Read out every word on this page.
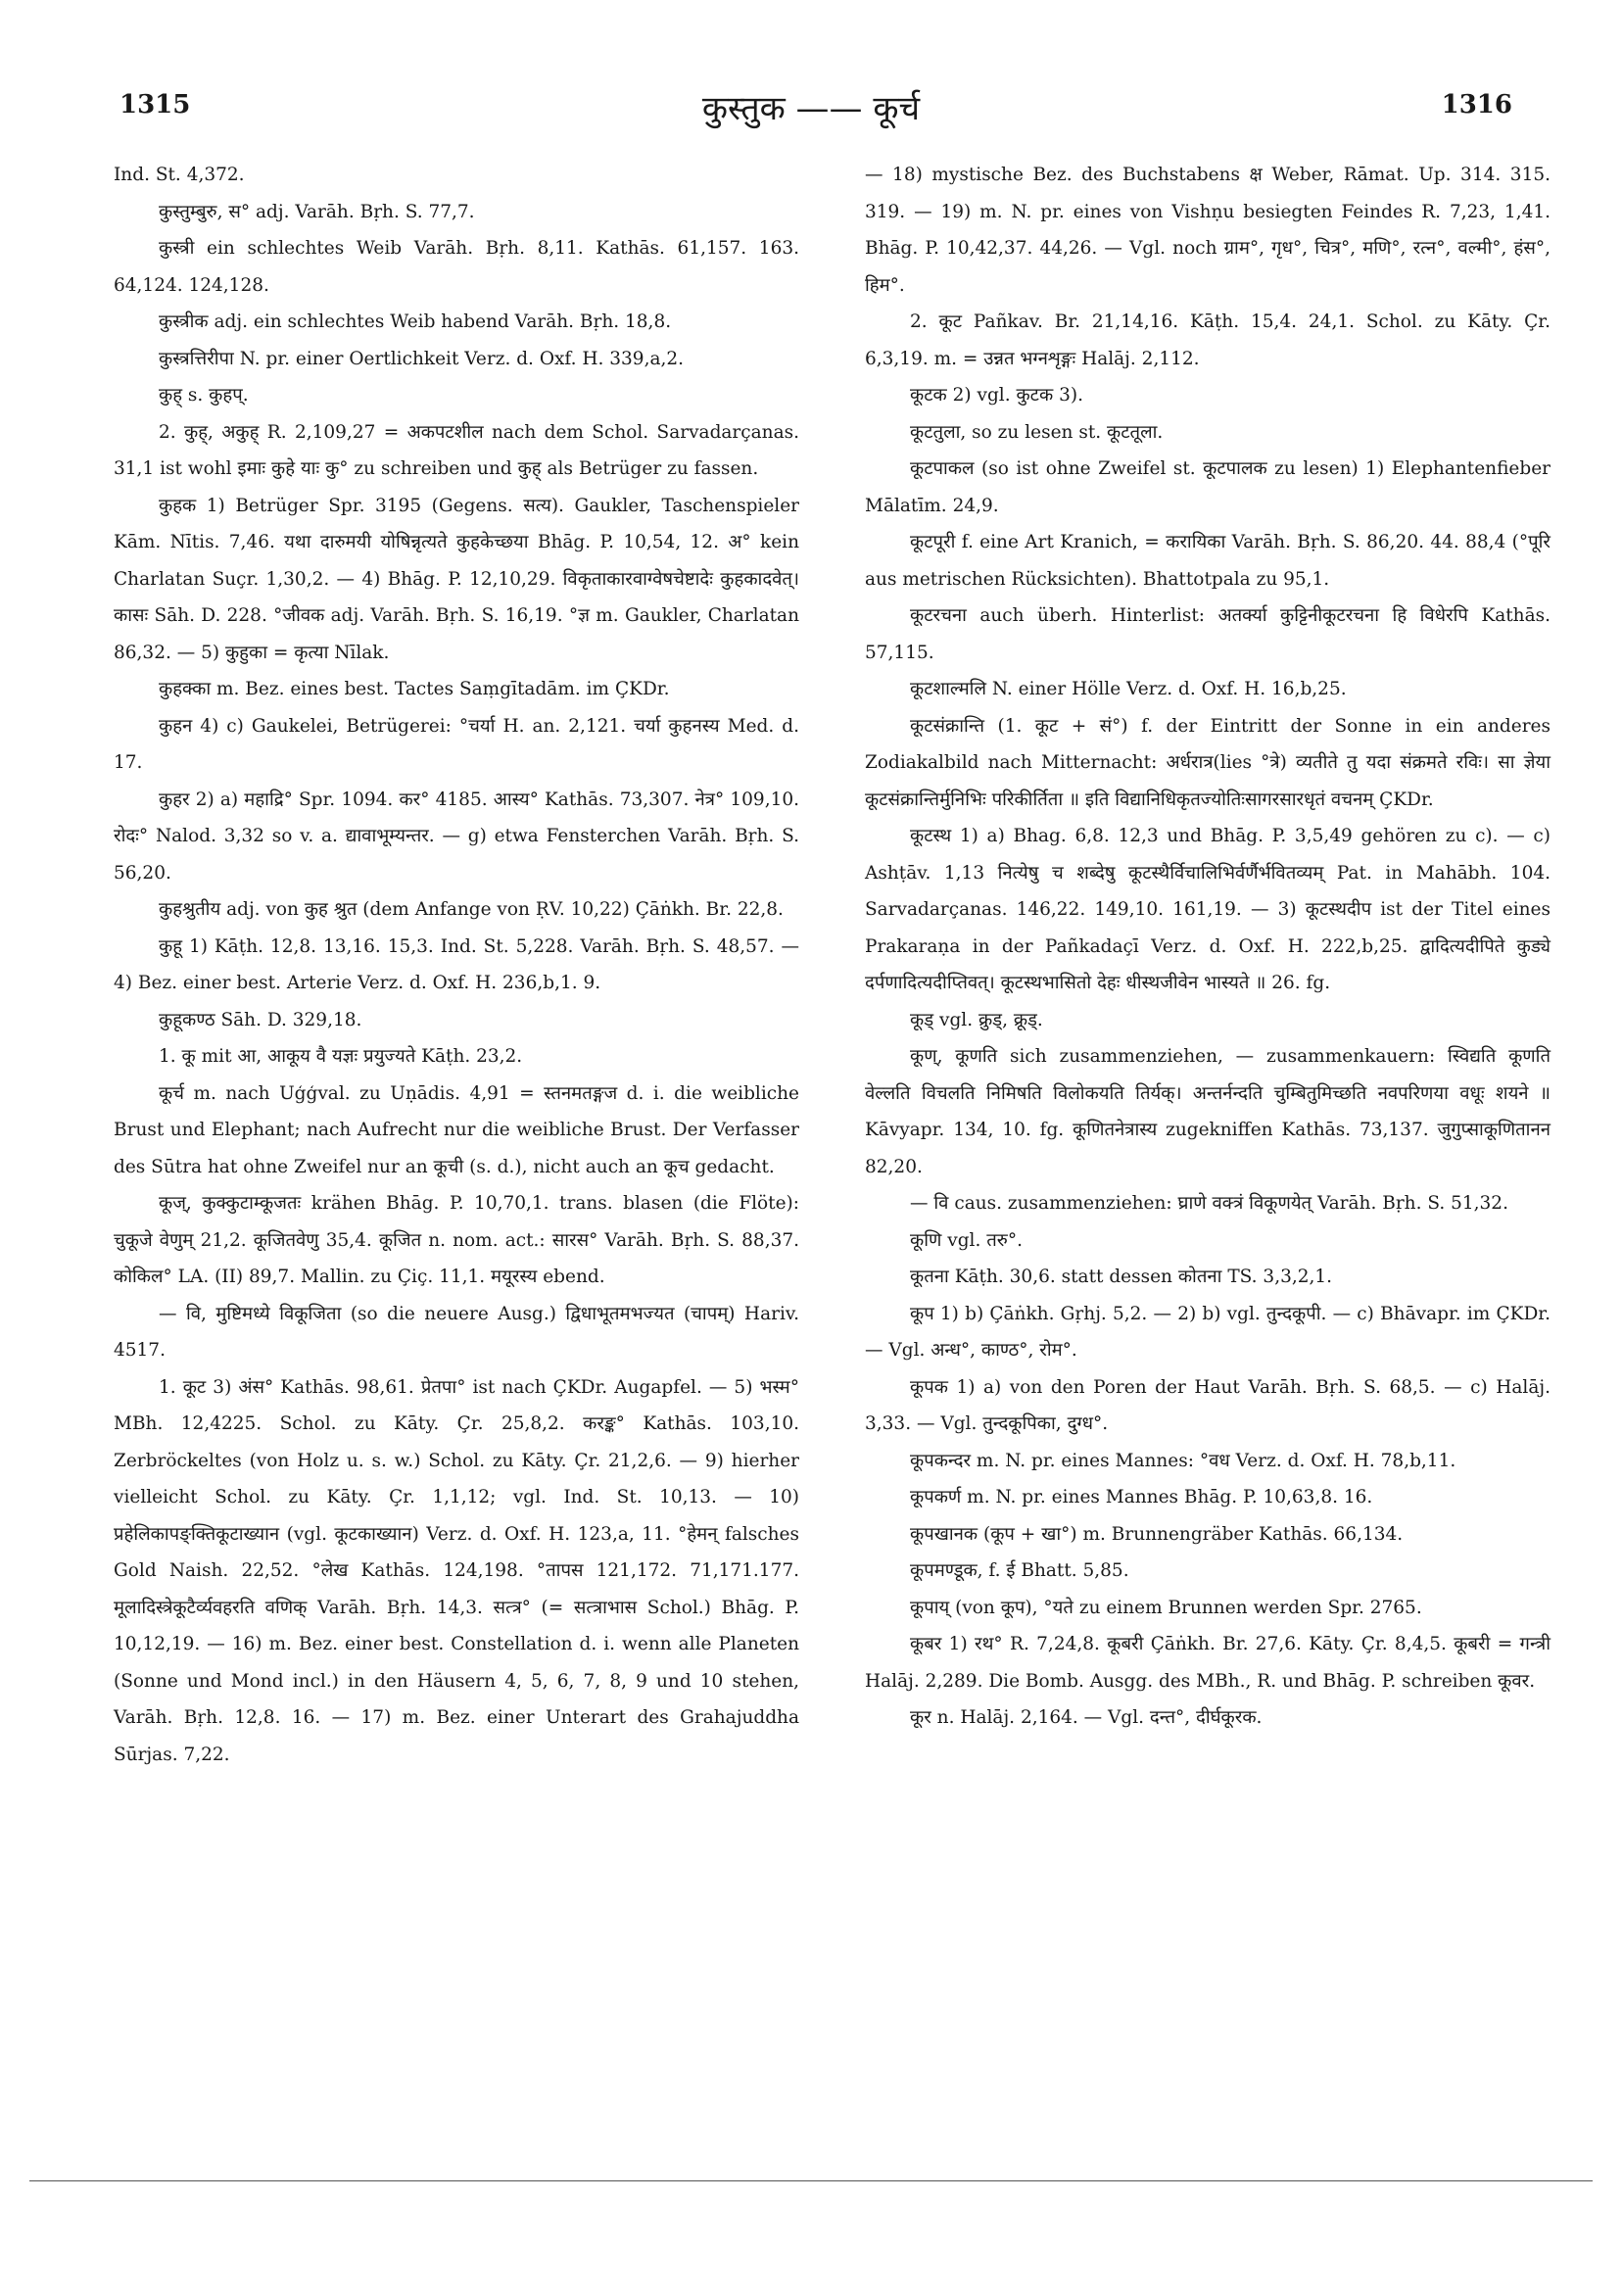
1315	कुस्तुक —— कूर्च	1316

Ind. St. 4,372.

कुस्तुम्बुरु, स° adj. Varāh. Bṛh. S. 77,7.

कुस्त्री ein schlechtes Weib Varāh. Bṛh. 8,11. Kathās. 61,157. 163. 64,124. 124,128.

कुस्त्रीक adj. ein schlechtes Weib habend Varāh. Bṛh. 18,8.

कुस्त्रत्तिरीपा N. pr. einer Oertlichkeit Verz. d. Oxf. H. 339,a,2.

कुह् s. कुहप्.

2. कुह्, अकुह् R. 2,109,27 = अकपटशील nach dem Schol. Sarvadarçanas. 31,1 ist wohl इमाः कुहे याः कु° zu schreiben und कुह् als Betrüger zu fassen.

कुहक 1) Betrüger Spr. 3195 (Gegens. सत्य). Gaukler, Taschenspieler Kām. Nītis. 7,46. यथा दारुमयी योषिन्नृत्यते कुहकेच्छया Bhāg. P. 10,54, 12. अ° kein Charlatan Suçr. 1,30,2. — 4) Bhāg. P. 12,10,29. विकृताकारवाग्वेषचेष्टादेः कुहकादवेत्। कासः Sāh. D. 228. °जीवक adj. Varāh. Bṛh. S. 16,19. °ज्ञ m. Gaukler, Charlatan 86,32. — 5) कुहुका = कृत्या Nīlak.

कुहक्का m. Bez. eines best. Tactes Saṃgītadām. im ÇKDr.

कुहन 4) c) Gaukelei, Betrügerei: °चर्या H. an. 2,121. चर्या कुहनस्य Med. d. 17.

कुहर 2) a) महाद्रि° Spr. 1094. कर° 4185. आस्य° Kathās. 73,307. नेत्र° 109,10. रोदः° Nalod. 3,32 so v. a. द्यावाभूम्यन्तर. — g) etwa Fensterchen Varāh. Bṛh. S. 56,20.

कुहश्रुतीय adj. von कुह श्रुत (dem Anfange von ṚV. 10,22) Çāṅkh. Br. 22,8.

कुहू 1) Kāṭh. 12,8. 13,16. 15,3. Ind. St. 5,228. Varāh. Bṛh. S. 48,57. — 4) Bez. einer best. Arterie Verz. d. Oxf. H. 236,b,1. 9.

कुहूकण्ठ Sāh. D. 329,18.

1. कू mit आ, आकूय वै यज्ञः प्रयुज्यते Kāṭh. 23,2.

कूर्च m. nach Uģģval. zu Uṇādis. 4,91 = स्तनमतङ्गज d. i. die weibliche Brust und Elephant; nach Aufrecht nur die weibliche Brust. Der Verfasser des Sūtra hat ohne Zweifel nur an कूची (s. d.), nicht auch an कूच gedacht.

कूज्, कुक्कुटाम्कूजतः krähen Bhāg. P. 10,70,1. trans. blasen (die Flöte): चुकूजे वेणुम् 21,2. कूजितवेणु 35,4. कूजित n. nom. act.: सारस° Varāh. Bṛh. S. 88,37. कोकिल° LA. (II) 89,7. Mallin. zu Çiç. 11,1. मयूरस्य ebend.

— वि, मुष्टिमध्ये विकूजिता (so die neuere Ausg.) द्विधाभूतमभज्यत (चापम्) Hariv. 4517.

1. कूट 3) अंस° Kathās. 98,61. प्रेतपा° ist nach ÇKDr. Augapfel. — 5) भस्म° MBh. 12,4225. Schol. zu Kāty. Çr. 25,8,2. करङ्क° Kathās. 103,10. Zerbröckeltes (von Holz u. s. w.) Schol. zu Kāty. Çr. 21,2,6. — 9) hierher vielleicht Schol. zu Kāty. Çr. 1,1,12; vgl. Ind. St. 10,13. — 10) प्रहेलिकापङ्क्तिकूटाख्यान (vgl. कूटकाख्यान) Verz. d. Oxf. H. 123,a, 11. °हेमन् falsches Gold Naish. 22,52. °लेख Kathās. 124,198. °तापस 121,172. 71,171.177. मूलादिस्त्रेकूटैर्व्यवहरति वणिक् Varāh. Bṛh. 14,3. सत्त्र° (= सत्त्राभास Schol.) Bhāg. P. 10,12,19. — 16) m. Bez. einer best. Constellation d. i. wenn alle Planeten (Sonne und Mond incl.) in den Häusern 4, 5, 6, 7, 8, 9 und 10 stehen, Varāh. Bṛh. 12,8. 16. — 17) m. Bez. einer Unterart des Grahajuddha Sūrjas. 7,22.

— 18) mystische Bez. des Buchstabens क्ष Weber, Rāmat. Up. 314. 315. 319. — 19) m. N. pr. eines von Vishṇu besiegten Feindes R. 7,23, 1,41. Bhāg. P. 10,42,37. 44,26. — Vgl. noch ग्राम°, गृध°, चित्र°, मणि°, रत्न°, वल्मी°, हंस°, हिम°.

2. कूट Pañkav. Br. 21,14,16. Kāṭh. 15,4. 24,1. Schol. zu Kāty. Çr. 6,3,19. m. = उन्नत भग्नशृङ्गः Halāj. 2,112.

कूटक 2) vgl. कुटक 3).

कूटतुला, so zu lesen st. कूटतूला.

कूटपाकल (so ist ohne Zweifel st. कूटपालक zu lesen) 1) Elephantenfieber Mālatīm. 24,9.

कूटपूरी f. eine Art Kranich, = करायिका Varāh. Bṛh. S. 86,20. 44. 88,4 (°पूरि aus metrischen Rücksichten). Bhattotpala zu 95,1.

कूटरचना auch überh. Hinterlist: अतर्क्या कुट्टिनीकूटरचना हि विधेरपि Kathās. 57,115.

कूटशाल्मलि N. einer Hölle Verz. d. Oxf. H. 16,b,25.

कूटसंक्रान्ति (1. कूट + सं°) f. der Eintritt der Sonne in ein anderes Zodiakalbild nach Mitternacht: अर्धरात्र(lies °त्रे) व्यतीते तु यदा संक्रमते रविः। सा ज्ञेया कूटसंक्रान्तिर्मुनिभिः परिकीर्तिता ॥ इति विद्यानिधिकृतज्योतिःसागरसारधृतं वचनम् ÇKDr.

कूटस्थ 1) a) Bhag. 6,8. 12,3 und Bhāg. P. 3,5,49 gehören zu c). — c) Ashṭāv. 1,13 नित्येषु च शब्देषु कूटस्थैर्विचालिभिर्वर्णैर्भवितव्यम् Pat. in Mahābh. 104. Sarvadarçanas. 146,22. 149,10. 161,19. — 3) कूटस्थदीप ist der Titel eines Prakaraṇa in der Pañkadaçī Verz. d. Oxf. H. 222,b,25. द्वादित्यदीपिते कुड्ये दर्पणादित्यदीप्तिवत्। कूटस्थभासितो देहः धीस्थजीवेन भास्यते ॥ 26. fg.

कूड् vgl. क्रुड्, क्रूड्.

कूण्, कूणति sich zusammenziehen, — zusammenkauern: स्विद्यति कूणति वेल्लति विचलति निमिषति विलोकयति तिर्यक्। अन्तर्नन्दति चुम्बितुमिच्छति नवपरिणया वधूः शयने ॥ Kāvyapr. 134, 10. fg. कूणितनेत्रास्य zugekniffen Kathās. 73,137. जुगुप्साकूणितानन 82,20.

— वि caus. zusammenziehen: घ्राणे वक्त्रं विकूणयेत् Varāh. Bṛh. S. 51,32.

कूणि vgl. तरु°.

कूतना Kāṭh. 30,6. statt dessen कोतना TS. 3,3,2,1.

कूप 1) b) Çāṅkh. Gṛhj. 5,2. — 2) b) vgl. तुन्दकूपी. — c) Bhāvapr. im ÇKDr. — Vgl. अन्ध°, काण्ठ°, रोम°.

कूपक 1) a) von den Poren der Haut Varāh. Bṛh. S. 68,5. — c) Halāj. 3,33. — Vgl. तुन्दकूपिका, दुग्ध°.

कूपकन्दर m. N. pr. eines Mannes: °वध Verz. d. Oxf. H. 78,b,11.

कूपकर्ण m. N. pr. eines Mannes Bhāg. P. 10,63,8. 16.

कूपखानक (कूप + खा°) m. Brunnengräber Kathās. 66,134.

कूपमण्डूक, f. ई Bhatt. 5,85.

कूपाय् (von कूप), °यते zu einem Brunnen werden Spr. 2765.

कूबर 1) रथ° R. 7,24,8. कूबरी Çāṅkh. Br. 27,6. Kāty. Çr. 8,4,5. कूबरी = गन्त्री Halāj. 2,289. Die Bomb. Ausgg. des MBh., R. und Bhāg. P. schreiben कूवर.

कूर n. Halāj. 2,164. — Vgl. दन्त°, दीर्घकूरक.
